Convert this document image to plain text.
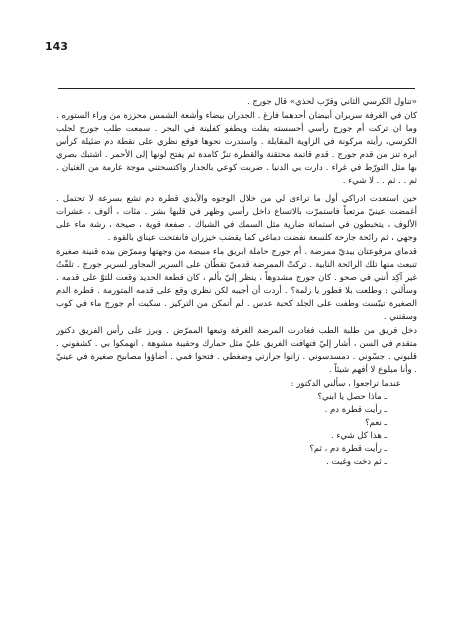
143

«تناول الكرسي الثاني وقرّب لحذي» قال جورج .

كان في الغرفة سريران أبيضان أحدهما فارغ . الجدران بيضاء وأشعة الشمس محززة من وراء الستوره . وما ان تركت أم جورج رأسي أحسسته يفلت ويطفو كفلينة في البحر . سمعت طلب جورج لجلب الكرسي، رأيته مركونة في الزاوية المقابلة . واستدرت نحوها فوقع نظري على نقطة دم ضئيلة كرأس ابرة تنز من قدم جورج . قدم قاتمة محتقنة والقطرة تنزّ كامدة ثم يفتح لونها إلى الأحمر . اشتبك بصري بها مثل التورّط في غراء . دارت بي الدنيا . ضربت كوعي بالجدار واكتسحتني موجة عارمة من الغثيان . ثم . . ثم . . لا شيء .

حين استعدت ادراكي أول ما تراءى لي من خلال الوجوه والأيدي قطرة دم تشع بسرعة لا تحتمل . أغمضت عينيّ مرتعباً فاستمرّت بالاتساع داخل رأسي وظهر في قلبها بشر . مئات ، ألوف ، عشرات الألوف ، يتخبطون في استماتة ضارية مثل السمك في الشباك . صفعة قوية ، صيحة ، رشة ماء على وجهي ، ثم رائحة جارحة كلسعة نفضت دماغي كما يقضب خيزران فانفتحت عيناي بالقوة .

قدماي مرفوعتان بيديّ ممرضة . أم جورج حاملة ابريق ماء مبيضة من وجهتها وممرّض بيده قنينة صغيرة تنبعث منها تلك الرائحة النابية . تركتْ الممرضة قدميّ تقطّان على السرير المجاور لسرير جورج . تلفّتُ غير آكِد أنني في صحو . كان جورج مشدوهاً ، ينظر إليّ بألم ، كان قطعة الحديد وقعت للتوّ على قدمه . وسألني : وطلعت بلا فطور يا زلمة؟ . أردت أن أجيبه لكن نظري وقع على قدمه المتورمة . قطرة الدم الصغيرة تيبّست وطفت على الجلد كحبة عدس . لم أتمكن من التركيز . سكبت أم جورج ماء في كوب وسقتني .

دخل فريق من طلبة الطب فغادرت المرضة الغرفة وتبعها الممرّض . وبرز على رأس الفريق دكتور متقدم في السن ، أشار إليّ فتهافت الفريق عليّ مثل حمارك وحقيبة مشوهة . انهمكوا بي . كشفوني . قلبوني . جسّوني . دمسدسوني . زانوا حرارتي وضغطي . فتحوا فمي . أضاؤوا مصابيح صغيرة في عينيّ . وأنا مبلوع لا أفهم شيئاً .

عندما تراجعوا ، سألني الدكتور :
ـ ماذا حصل يا ابني؟
ـ رأيت قطرة دم .
ـ نعم؟
ـ هذا كل شيء .
ـ رأيت قطرة دم ، ثم؟
ـ ثم دخت وغبت .
